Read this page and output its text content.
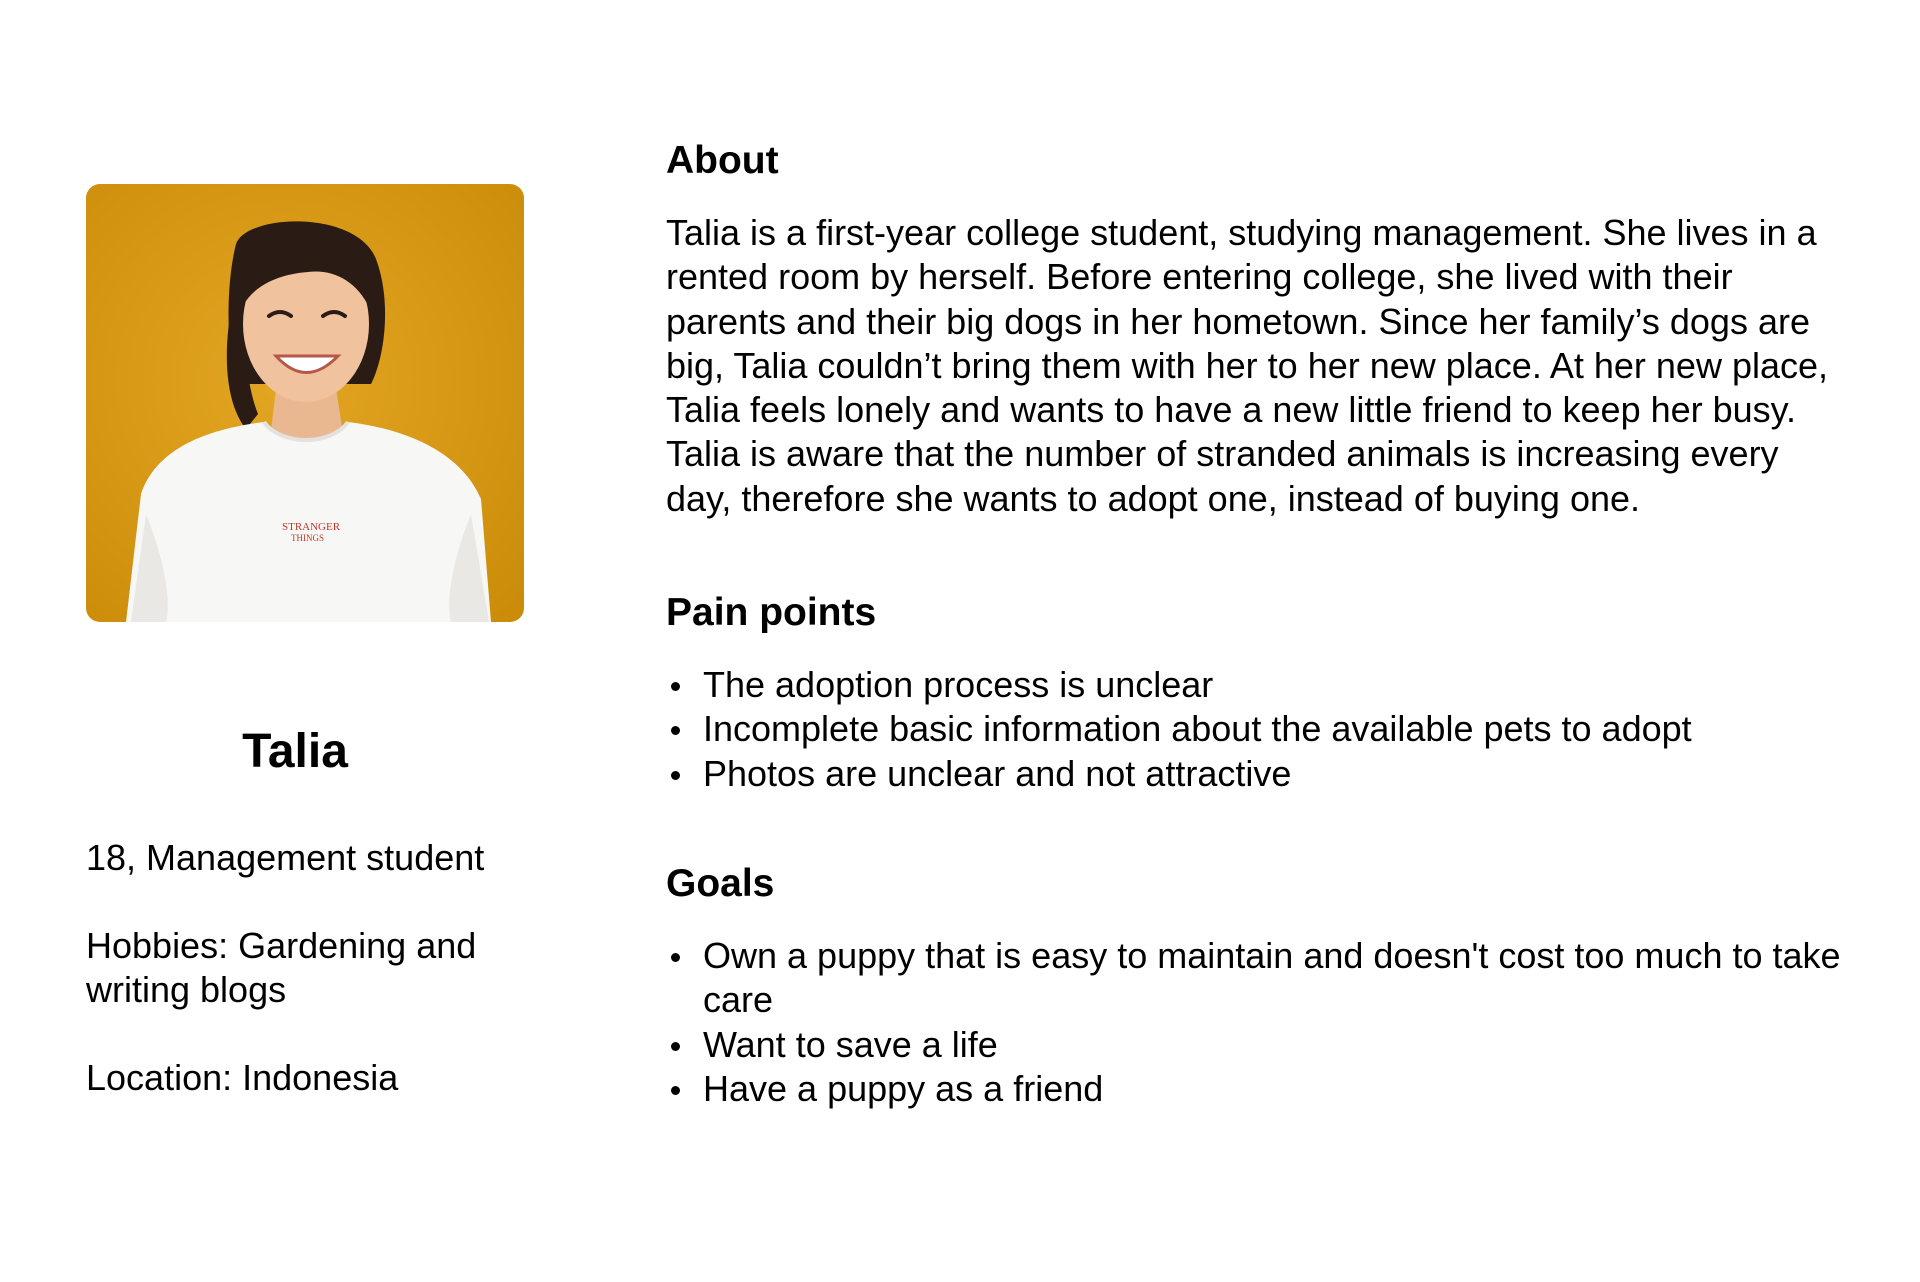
STRANGER
THINGS
Talia

18, Management student

Hobbies: Gardening and writing blogs

Location: Indonesia

About

Talia is a first-year college student, studying management. She lives in a rented room by herself. Before entering college, she lived with their parents and their big dogs in her hometown. Since her family’s dogs are big, Talia couldn’t bring them with her to her new place. At her new place, Talia feels lonely and wants to have a new little friend to keep her busy. Talia is aware that the number of stranded animals is increasing every day, therefore she wants to adopt one, instead of buying one.

Pain points
The adoption process is unclear
Incomplete basic information about the available pets to adopt
Photos are unclear and not attractive
Goals
Own a puppy that is easy to maintain and doesn't cost too much to take care
Want to save a life
Have a puppy as a friend
